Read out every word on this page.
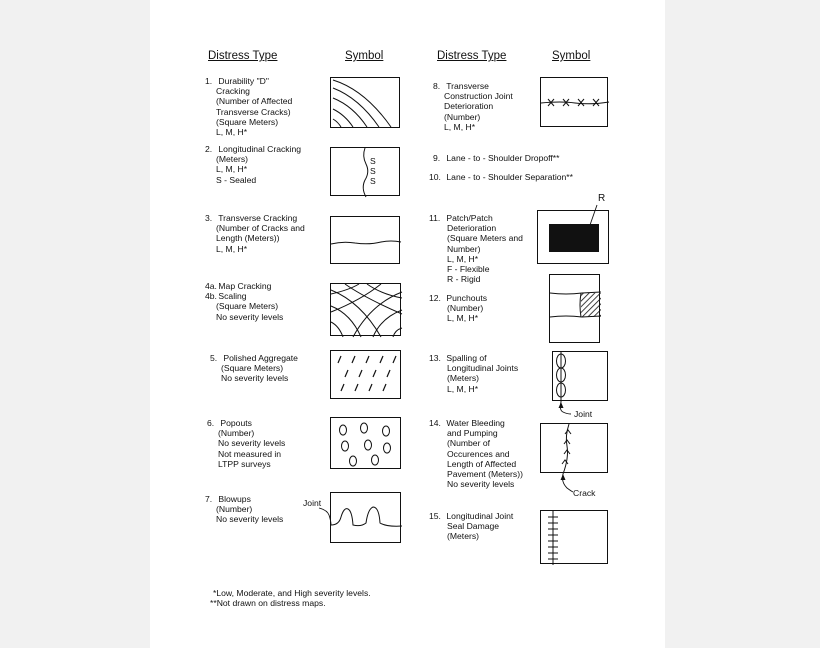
Distress Type	Symbol	Distress Type	Symbol
1. Durability "D"
Cracking
(Number of Affected
Transverse Cracks)
(Square Meters)
L, M, H*
2. Longitudinal Cracking
(Meters)
L, M, H*
S - Sealed
3. Transverse Cracking
(Number of Cracks and
Length (Meters))
L, M, H*
4a. Map Cracking
4b. Scaling
(Square Meters)
No severity levels
5. Polished Aggregate
(Square Meters)
No severity levels
6. Popouts
(Number)
No severity levels
Not measured in
LTPP surveys
7. Blowups
(Number)
No severity levels
S
S
S
Joint
8. Transverse
Construction Joint
Deterioration
(Number)
L, M, H*
9. Lane - to - Shoulder Dropoff**
10. Lane - to - Shoulder Separation**
11. Patch/Patch
Deterioration
(Square Meters and
Number)
L, M, H*
F - Flexible
R - Rigid
12. Punchouts
(Number)
L, M, H*
13. Spalling of
Longitudinal Joints
(Meters)
L, M, H*
14. Water Bleeding
and Pumping
(Number of
Occurences and
Length of Affected
Pavement (Meters))
No severity levels
15. Longitudinal Joint
Seal Damage
(Meters)
R
Joint
Crack
*Low, Moderate, and High severity levels.
**Not drawn on distress maps.
